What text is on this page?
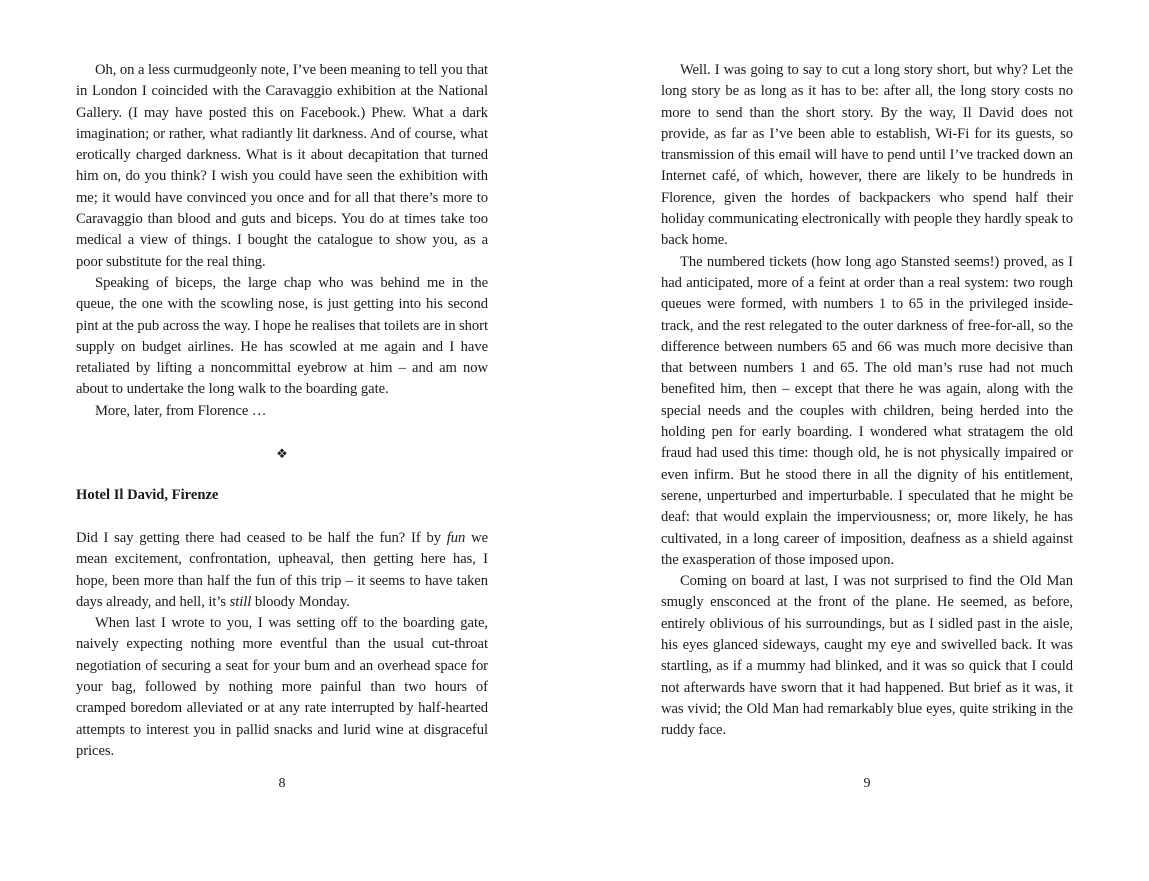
Oh, on a less curmudgeonly note, I’ve been meaning to tell you that in London I coincided with the Caravaggio exhibition at the National Gallery. (I may have posted this on Facebook.) Phew. What a dark imagination; or rather, what radiantly lit darkness. And of course, what erotically charged darkness. What is it about decapitation that turned him on, do you think? I wish you could have seen the exhibition with me; it would have convinced you once and for all that there’s more to Caravaggio than blood and guts and biceps. You do at times take too medical a view of things. I bought the catalogue to show you, as a poor substitute for the real thing.

Speaking of biceps, the large chap who was behind me in the queue, the one with the scowling nose, is just getting into his second pint at the pub across the way. I hope he realises that toilets are in short supply on budget airlines. He has scowled at me again and I have retaliated by lifting a noncommittal eyebrow at him – and am now about to undertake the long walk to the boarding gate.

More, later, from Florence …

❖
Hotel Il David, Firenze

Did I say getting there had ceased to be half the fun? If by fun we mean excitement, confrontation, upheaval, then getting here has, I hope, been more than half the fun of this trip – it seems to have taken days already, and hell, it’s still bloody Monday.

When last I wrote to you, I was setting off to the boarding gate, naively expecting nothing more eventful than the usual cut-throat negotiation of securing a seat for your bum and an overhead space for your bag, followed by nothing more painful than two hours of cramped boredom alleviated or at any rate interrupted by half-hearted attempts to interest you in pallid snacks and lurid wine at disgraceful prices.

8

Well. I was going to say to cut a long story short, but why? Let the long story be as long as it has to be: after all, the long story costs no more to send than the short story. By the way, Il David does not provide, as far as I’ve been able to establish, Wi-Fi for its guests, so transmission of this email will have to pend until I’ve tracked down an Internet café, of which, however, there are likely to be hundreds in Florence, given the hordes of backpackers who spend half their holiday communicating electronically with people they hardly speak to back home.

The numbered tickets (how long ago Stansted seems!) proved, as I had anticipated, more of a feint at order than a real system: two rough queues were formed, with numbers 1 to 65 in the privileged inside-track, and the rest relegated to the outer darkness of free-for-all, so the difference between numbers 65 and 66 was much more decisive than that between numbers 1 and 65. The old man’s ruse had not much benefited him, then – except that there he was again, along with the special needs and the couples with children, being herded into the holding pen for early boarding. I wondered what stratagem the old fraud had used this time: though old, he is not physically impaired or even infirm. But he stood there in all the dignity of his entitlement, serene, unperturbed and imperturbable. I speculated that he might be deaf: that would explain the imperviousness; or, more likely, he has cultivated, in a long career of imposition, deafness as a shield against the exasperation of those imposed upon.

Coming on board at last, I was not surprised to find the Old Man smugly ensconced at the front of the plane. He seemed, as before, entirely oblivious of his surroundings, but as I sidled past in the aisle, his eyes glanced sideways, caught my eye and swivelled back. It was startling, as if a mummy had blinked, and it was so quick that I could not afterwards have sworn that it had happened. But brief as it was, it was vivid; the Old Man had remarkably blue eyes, quite striking in the ruddy face.

9
